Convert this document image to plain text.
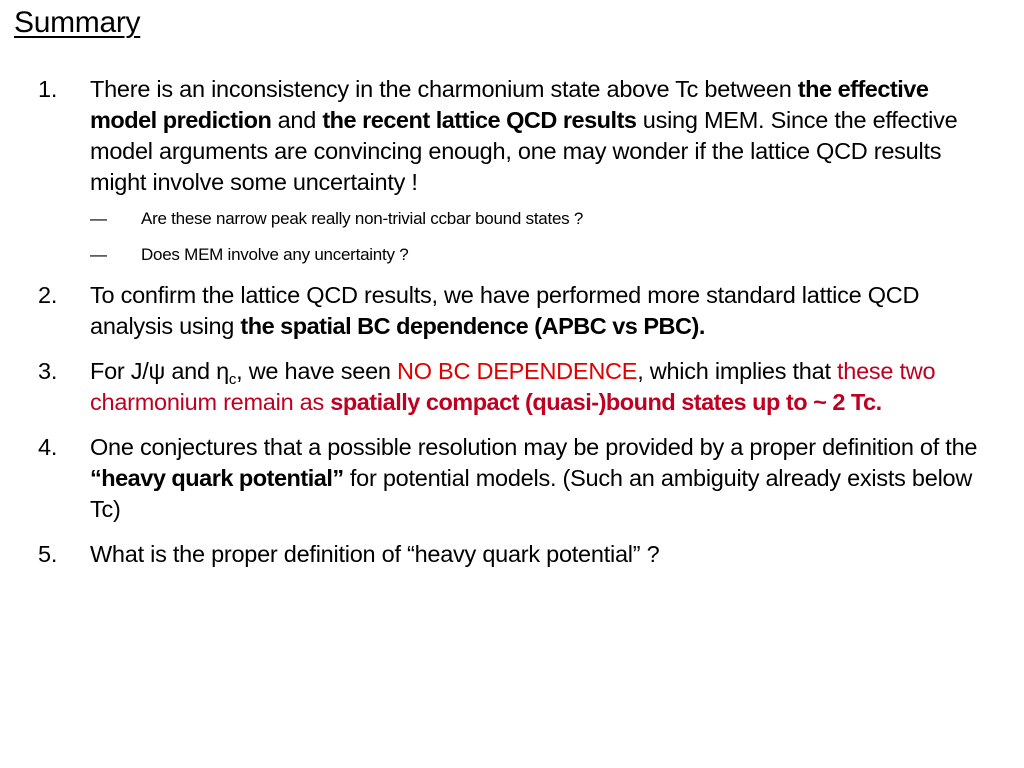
Summary
1. There is an inconsistency in the charmonium state above Tc between the effective model prediction and the recent lattice QCD results using MEM. Since the effective model arguments are convincing enough, one may wonder if the lattice QCD results might involve some uncertainty !
— Are these narrow peak really non-trivial ccbar bound states ?
— Does MEM involve any uncertainty ?
2. To confirm the lattice QCD results, we have performed more standard lattice QCD analysis using the spatial BC dependence (APBC vs PBC).
3. For J/ψ and $\eta_c$, we have seen NO BC DEPENDENCE, which implies that these two charmonium remain as spatially compact (quasi-)bound states up to ~ 2 Tc.
4. One conjectures that a possible resolution may be provided by a proper definition of the “heavy quark potential” for potential models. (Such an ambiguity already exists below Tc)
5. What is the proper definition of “heavy quark potential” ?
